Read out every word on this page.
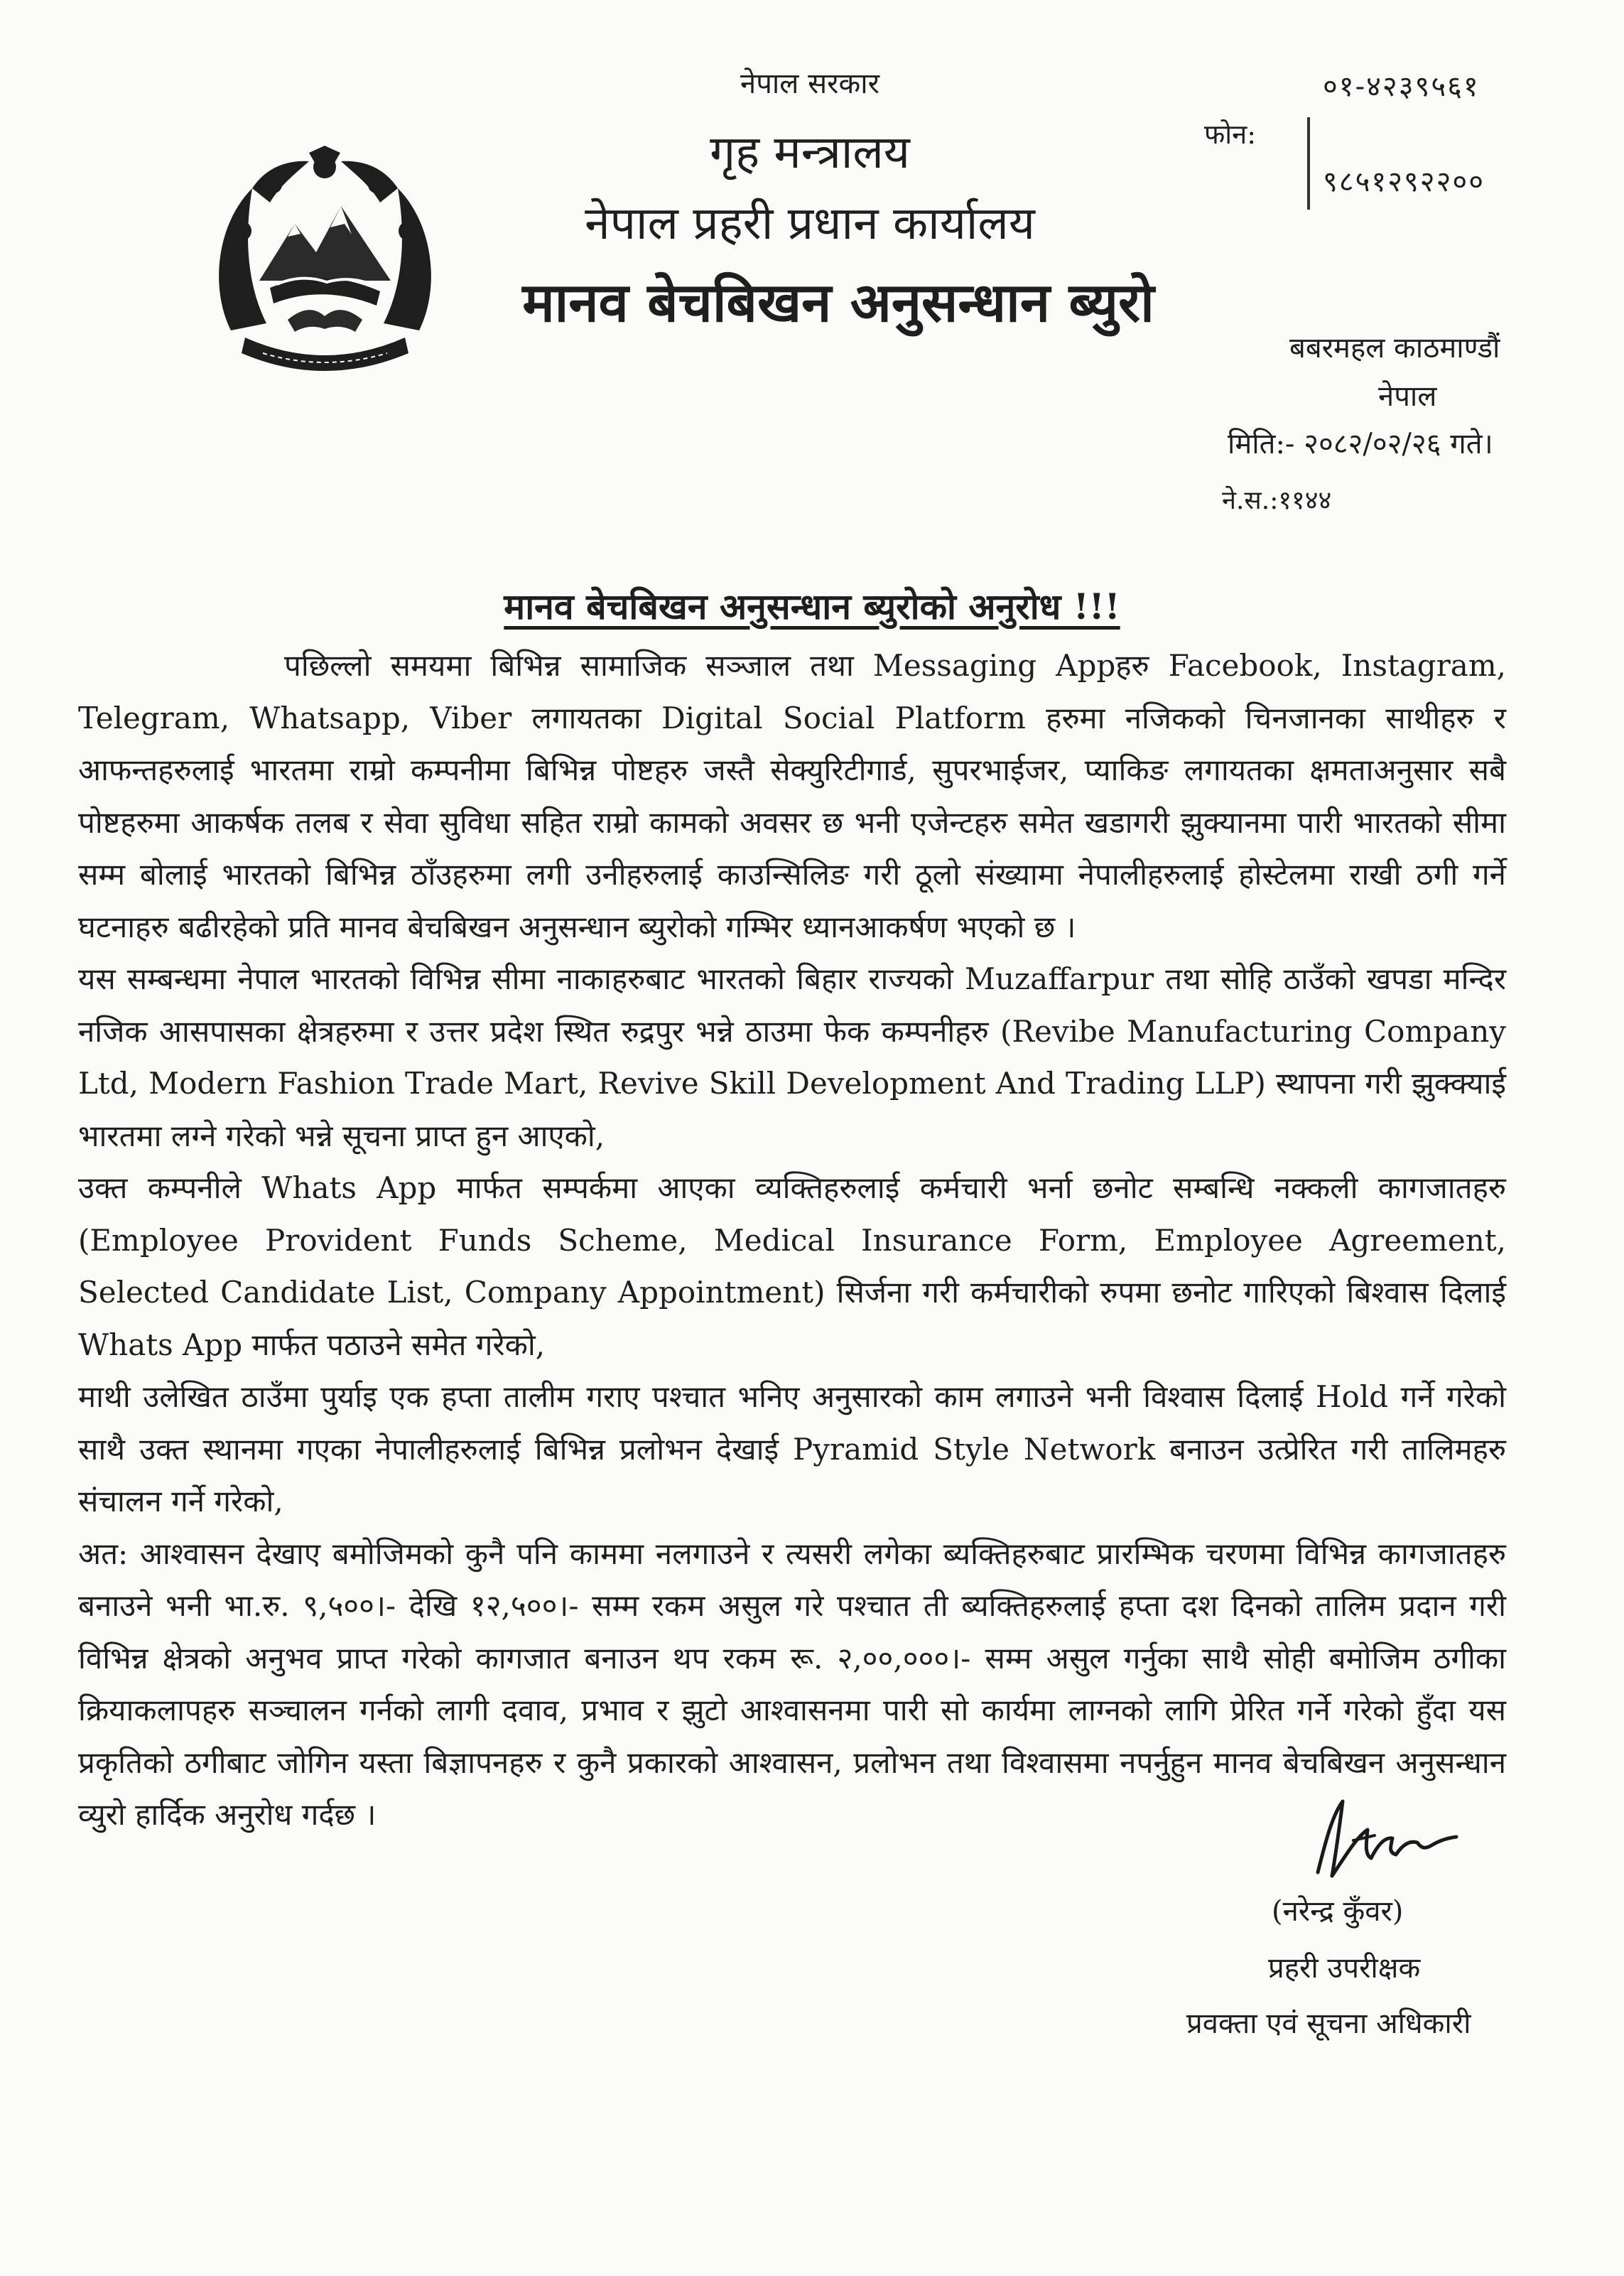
नेपाल सरकार
गृह मन्त्रालय
नेपाल प्रहरी प्रधान कार्यालय
मानव बेचबिखन अनुसन्धान ब्युरो
०१-४२३९५६१
फोन:
९८५१२९२२००
बबरमहल काठमाण्डौं
नेपाल
मिति:- २०८२/०२/२६ गते।
ने.स.:११४४
मानव बेचबिखन अनुसन्धान ब्युरोको अनुरोध !!!

पछिल्लो समयमा बिभिन्न सामाजिक सञ्जाल तथा Messaging Appहरु Facebook, Instagram, Telegram, Whatsapp, Viber लगायतका Digital Social Platform हरुमा नजिकको चिनजानका साथीहरु र आफन्तहरुलाई भारतमा राम्रो कम्पनीमा बिभिन्न पोष्टहरु जस्तै सेक्युरिटीगार्ड, सुपरभाईजर, प्याकिङ लगायतका क्षमताअनुसार सबै पोष्टहरुमा आकर्षक तलब र सेवा सुविधा सहित राम्रो कामको अवसर छ भनी एजेन्टहरु समेत खडागरी झुक्यानमा पारी भारतको सीमा सम्म बोलाई भारतको बिभिन्न ठाँउहरुमा लगी उनीहरुलाई काउन्सिलिङ गरी ठूलो संख्यामा नेपालीहरुलाई होस्टेलमा राखी ठगी गर्ने घटनाहरु बढीरहेको प्रति मानव बेचबिखन अनुसन्धान ब्युरोको गम्भिर ध्यानआकर्षण भएको छ ।

यस सम्बन्धमा नेपाल भारतको विभिन्न सीमा नाकाहरुबाट भारतको बिहार राज्यको Muzaffarpur तथा सोहि ठाउँको खपडा मन्दिर नजिक आसपासका क्षेत्रहरुमा र उत्तर प्रदेश स्थित रुद्रपुर भन्ने ठाउमा फेक कम्पनीहरु (Revibe Manufacturing Company Ltd, Modern Fashion Trade Mart, Revive Skill Development And Trading LLP) स्थापना गरी झुक्क्याई भारतमा लग्ने गरेको भन्ने सूचना प्राप्त हुन आएको,

उक्त कम्पनीले Whats App मार्फत सम्पर्कमा आएका व्यक्तिहरुलाई कर्मचारी भर्ना छनोट सम्बन्धि नक्कली कागजातहरु (Employee Provident Funds Scheme, Medical Insurance Form, Employee Agreement, Selected Candidate List, Company Appointment) सिर्जना गरी कर्मचारीको रुपमा छनोट गारिएको बिश्वास दिलाई Whats App मार्फत पठाउने समेत गरेको,

माथी उलेखित ठाउँमा पुर्याइ एक हप्ता तालीम गराए पश्चात भनिए अनुसारको काम लगाउने भनी विश्वास दिलाई Hold गर्ने गरेको साथै उक्त स्थानमा गएका नेपालीहरुलाई बिभिन्न प्रलोभन देखाई Pyramid Style Network बनाउन उत्प्रेरित गरी तालिमहरु संचालन गर्ने गरेको,

अत: आश्वासन देखाए बमोजिमको कुनै पनि काममा नलगाउने र त्यसरी लगेका ब्यक्तिहरुबाट प्रारम्भिक चरणमा विभिन्न कागजातहरु बनाउने भनी भा.रु. ९,५००।- देखि १२,५००।- सम्म रकम असुल गरे पश्चात ती ब्यक्तिहरुलाई हप्ता दश दिनको तालिम प्रदान गरी विभिन्न क्षेत्रको अनुभव प्राप्त गरेको कागजात बनाउन थप रकम रू. २,००,०००।- सम्म असुल गर्नुका साथै सोही बमोजिम ठगीका क्रियाकलापहरु सञ्चालन गर्नको लागी दवाव, प्रभाव र झुटो आश्वासनमा पारी सो कार्यमा लाग्नको लागि प्रेरित गर्ने गरेको हुँदा यस प्रकृतिको ठगीबाट जोगिन यस्ता बिज्ञापनहरु र कुनै प्रकारको आश्वासन, प्रलोभन तथा विश्वासमा नपर्नुहुन मानव बेचबिखन अनुसन्धान व्युरो हार्दिक अनुरोध गर्दछ ।

(नरेन्द्र कुँवर)
प्रहरी उपरीक्षक
प्रवक्ता एवं सूचना अधिकारी
